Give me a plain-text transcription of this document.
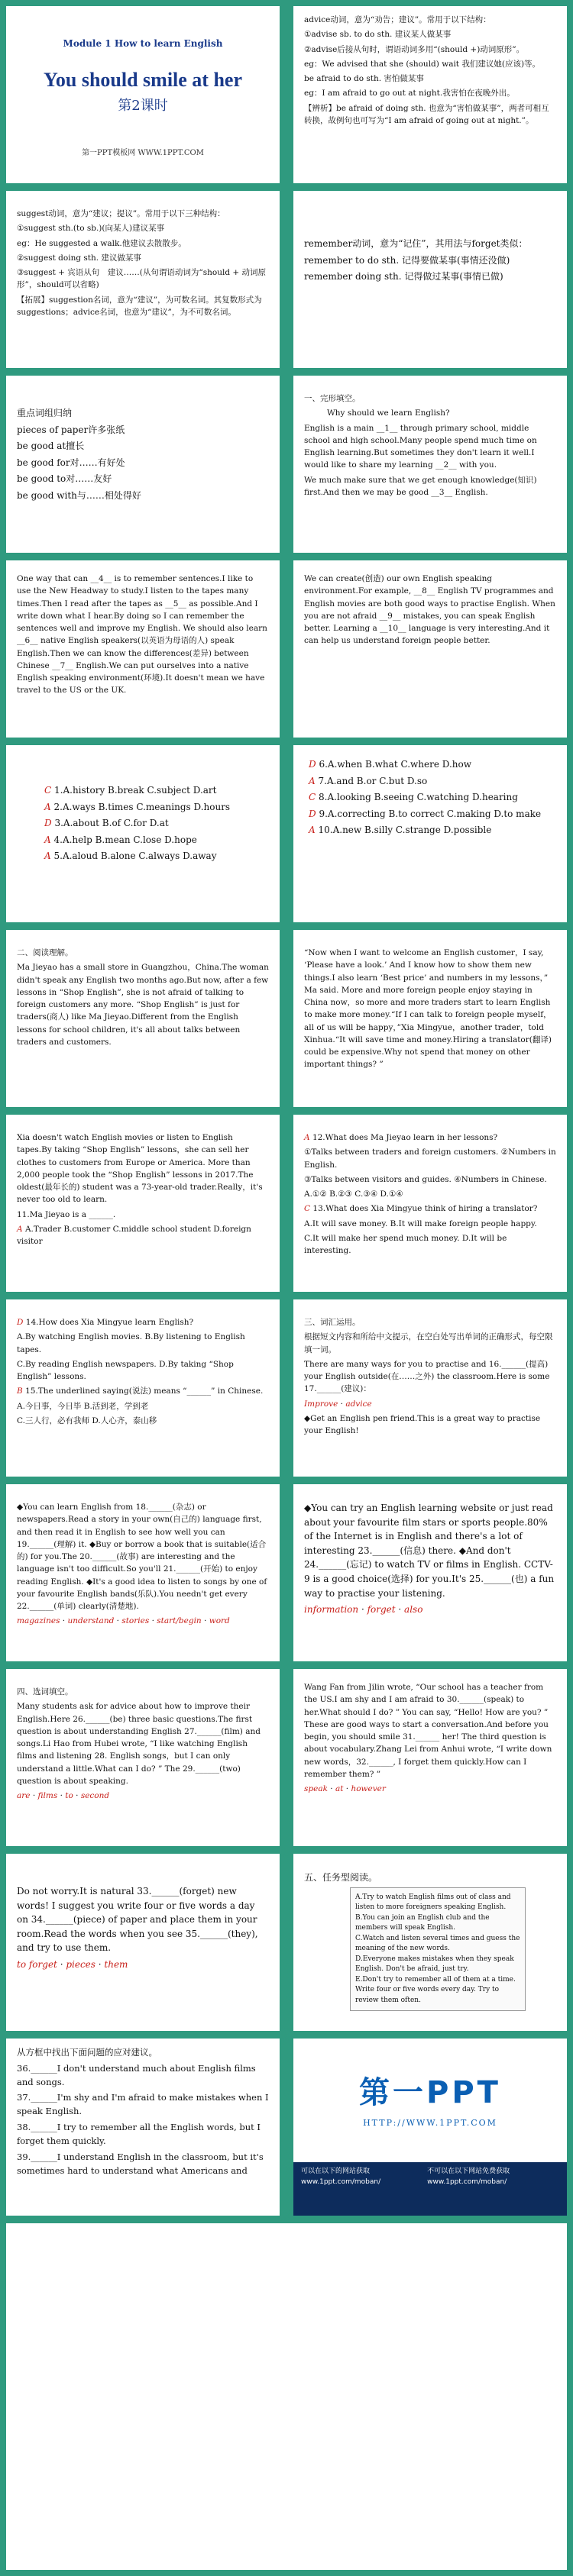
Module 1 How to learn English
You should smile at her
第2课时
第一PPT模板网 WWW.1PPT.COM

advice动词，意为“劝告；建议”。常用于以下结构：

①advise sb. to do sth. 建议某人做某事

②advise后接从句时，谓语动词多用“(should +)动词原形”。

eg：We advised that she (should) wait 我们建议她(应该)等。

be afraid to do sth. 害怕做某事

eg：I am afraid to go out at night.我害怕在夜晚外出。

【辨析】be afraid of doing sth. 也意为“害怕做某事”，两者可相互转换，故例句也可写为“I am afraid of going out at night.”。

suggest动词，意为“建议；提议”。常用于以下三种结构：

①suggest sth.(to sb.)(向某人)建议某事

eg：He suggested a walk.他建议去散散步。

②suggest doing sth. 建议做某事

③suggest + 宾语从句　建议……(从句谓语动词为“should + 动词原形”，should可以省略)

【拓展】suggestion名词，意为“建议”，为可数名词。其复数形式为suggestions；advice名词，也意为“建议”，为不可数名词。

remember动词，意为“记住”，其用法与forget类似：

remember to do sth. 记得要做某事(事情还没做)

remember doing sth. 记得做过某事(事情已做)

重点词组归纳

pieces of paper许多张纸

be good at擅长

be good for对……有好处

be good to对……友好

be good with与……相处得好

一、完形填空。

Why should we learn English?

English is a main __1__ through primary school, middle school and high school.Many people spend much time on English learning.But sometimes they don't learn it well.I would like to share my learning __2__ with you.

We much make sure that we get enough knowledge(知识) first.And then we may be good __3__ English.

One way that can __4__ is to remember sentences.I like to use the New Headway to study.I listen to the tapes many times.Then I read after the tapes as __5__ as possible.And I write down what I hear.By doing so I can remember the sentences well and improve my English. We should also learn __6__ native English speakers(以英语为母语的人) speak English.Then we can know the differences(差异) between Chinese __7__ English.We can put ourselves into a native English speaking environment(环境).It doesn't mean we have travel to the US or the UK.

We can create(创造) our own English speaking environment.For example, __8__ English TV programmes and English movies are both good ways to practise English. When you are not afraid __9__ mistakes, you can speak English better. Learning a __10__ language is very interesting.And it can help us understand foreign people better.

C 1.A.history B.break C.subject D.art

A 2.A.ways B.times C.meanings D.hours

D 3.A.about B.of C.for D.at

A 4.A.help B.mean C.lose D.hope

A 5.A.aloud B.alone C.always D.away

D 6.A.when B.what C.where D.how

A 7.A.and B.or C.but D.so

C 8.A.looking B.seeing C.watching D.hearing

D 9.A.correcting B.to correct C.making D.to make

A 10.A.new B.silly C.strange D.possible

二、阅读理解。

Ma Jieyao has a small store in Guangzhou，China.The woman didn't speak any English two months ago.But now, after a few lessons in “Shop English”, she is not afraid of talking to foreign customers any more. “Shop English” is just for traders(商人) like Ma Jieyao.Different from the English lessons for school children, it's all about talks between traders and customers.

“Now when I want to welcome an English customer，I say, ‘Please have a look.’ And I know how to show them new things.I also learn ‘Best price’ and numbers in my lessons，” Ma said. More and more foreign people enjoy staying in China now，so more and more traders start to learn English to make more money.“If I can talk to foreign people myself，all of us will be happy，”Xia Mingyue，another trader，told Xinhua.“It will save time and money.Hiring a translator(翻译) could be expensive.Why not spend that money on other important things? ”

Xia doesn't watch English movies or listen to English tapes.By taking “Shop English” lessons，she can sell her clothes to customers from Europe or America. More than 2,000 people took the “Shop English” lessons in 2017.The oldest(最年长的) student was a 73-year-old trader.Really，it's never too old to learn.

11.Ma Jieyao is a ______.

A A.Trader B.customer C.middle school student D.foreign visitor

A 12.What does Ma Jieyao learn in her lessons?

①Talks between traders and foreign customers. ②Numbers in English.

③Talks between visitors and guides. ④Numbers in Chinese.

A.①② B.②③ C.③④ D.①④

C 13.What does Xia Mingyue think of hiring a translator?

A.It will save money. B.It will make foreign people happy.

C.It will make her spend much money. D.It will be interesting.

D 14.How does Xia Mingyue learn English?

A.By watching English movies. B.By listening to English tapes.

C.By reading English newspapers. D.By taking “Shop English” lessons.

B 15.The underlined saying(说法) means “______” in Chinese.

A.今日事，今日毕 B.活到老，学到老

C.三人行，必有我师 D.人心齐，泰山移

三、词汇运用。

根据短文内容和所给中文提示，在空白处写出单词的正确形式，每空限填一词。

There are many ways for you to practise and 16.______(提高) your English outside(在……之外) the classroom.Here is some 17.______(建议)：

Improve · advice

◆Get an English pen friend.This is a great way to practise your English!

◆You can learn English from 18.______(杂志) or newspapers.Read a story in your own(自己的) language first, and then read it in English to see how well you can 19.______(理解) it. ◆Buy or borrow a book that is suitable(适合的) for you.The 20.______(故事) are interesting and the language isn't too difficult.So you'll 21.______(开始) to enjoy reading English. ◆It's a good idea to listen to songs by one of your favourite English bands(乐队).You needn't get every 22.______(单词) clearly(清楚地).

magazines · understand · stories · start/begin · word

◆You can try an English learning website or just read about your favourite film stars or sports people.80% of the Internet is in English and there's a lot of interesting 23.______(信息) there. ◆And don't 24.______(忘记) to watch TV or films in English. CCTV-9 is a good choice(选择) for you.It's 25.______(也) a fun way to practise your listening.

information · forget · also

四、选词填空。

Many students ask for advice about how to improve their English.Here 26.______(be) three basic questions.The first question is about understanding English 27.______(film) and songs.Li Hao from Hubei wrote, “I like watching English films and listening 28. English songs，but I can only understand a little.What can I do? ” The 29.______(two) question is about speaking.

are · films · to · second

Wang Fan from Jilin wrote, “Our school has a teacher from the US.I am shy and I am afraid to 30.______(speak) to her.What should I do? ” You can say, “Hello! How are you? ” These are good ways to start a conversation.And before you begin, you should smile 31.______ her! The third question is about vocabulary.Zhang Lei from Anhui wrote, “I write down new words，32.______, I forget them quickly.How can I remember them? ”

speak · at · however

Do not worry.It is natural 33.______(forget) new words! I suggest you write four or five words a day on 34.______(piece) of paper and place them in your room.Read the words when you see 35.______(they), and try to use them.

to forget · pieces · them

五、任务型阅读。

A.Try to watch English films out of class and listen to more foreigners speaking English.
B.You can join an English club and the members will speak English.
C.Watch and listen several times and guess the meaning of the new words.
D.Everyone makes mistakes when they speak English. Don't be afraid, just try.
E.Don't try to remember all of them at a time. Write four or five words every day. Try to review them often.

从方框中找出下面问题的应对建议。

36.______I don't understand much about English films and songs.

37.______I'm shy and I'm afraid to make mistakes when I speak English.

38.______I try to remember all the English words, but I forget them quickly.

39.______I understand English in the classroom, but it's sometimes hard to understand what Americans and

第一PPT
HTTP://WWW.1PPT.COM
可以在以下的网站获取
www.1ppt.com/moban/

不可以在以下网站免费获取
www.1ppt.com/moban/
